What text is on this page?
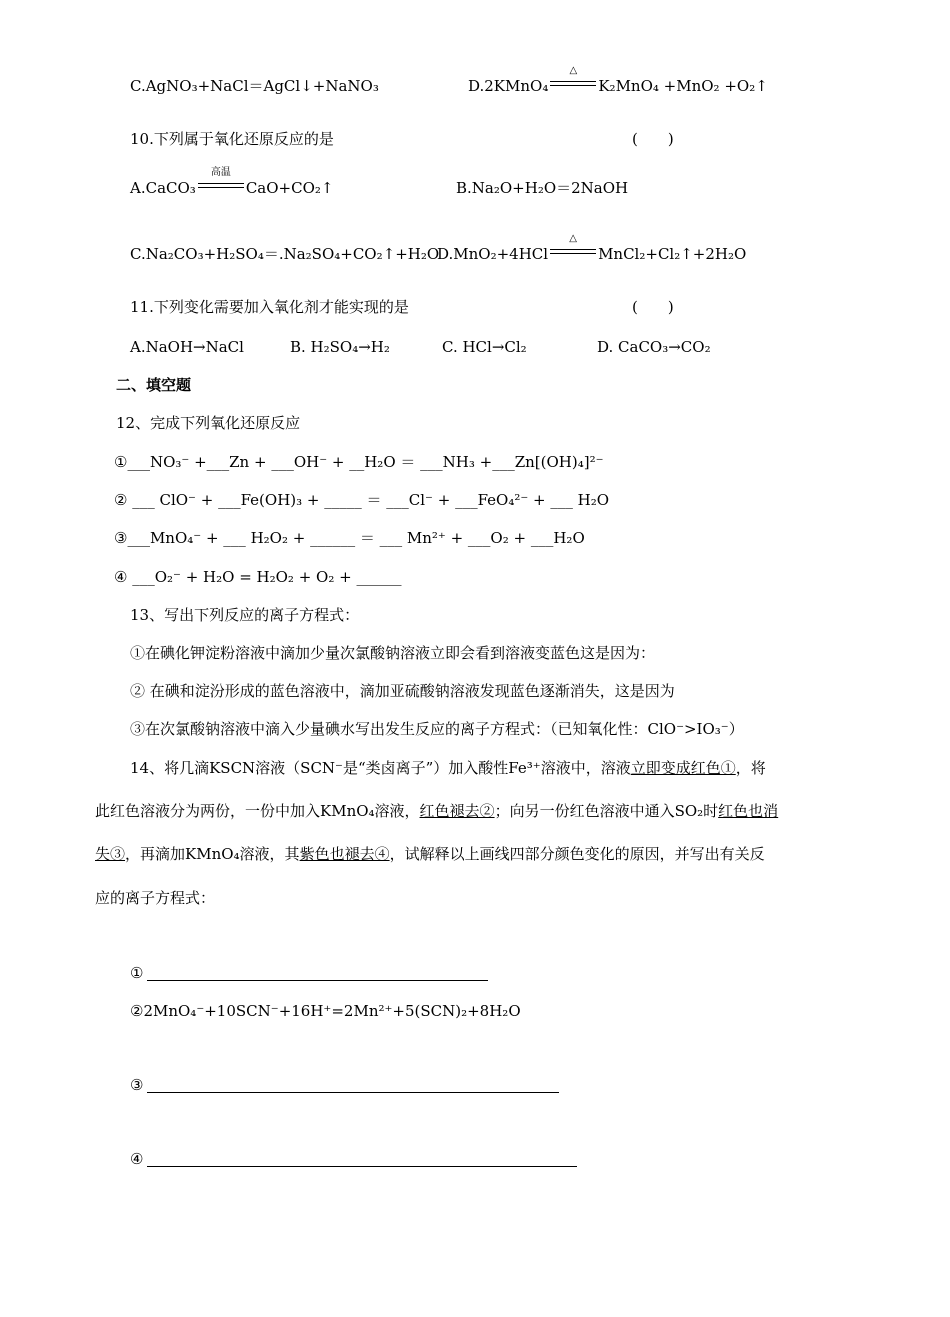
C.AgNO₃+NaCl＝AgCl↓+NaNO₃	D.2KMnO₄
△
K₂MnO₄ +MnO₂ +O₂↑
10.下列属于氧化还原反应的是	(　　)
A.CaCO₃
高温
CaO+CO₂↑	B.Na₂O+H₂O＝2NaOH
C.Na₂CO₃+H₂SO₄＝.Na₂SO₄+CO₂↑+H₂O
D.MnO₂+4HCl
△
MnCl₂+Cl₂↑+2H₂O
11.下列变化需要加入氧化剂才能实现的是	(　　)
A.NaOH→NaCl	B. H₂SO₄→H₂	C. HCl→Cl₂	D. CaCO₃→CO₂
二、填空题
12、完成下列氧化还原反应
①___NO₃⁻ +___Zn + ___OH⁻ + __H₂O ＝ ___NH₃ +___Zn[(OH)₄]²⁻
② ___ ClO⁻ + ___Fe(OH)₃ + _____ ＝ ___Cl⁻ + ___FeO₄²⁻ + ___ H₂O
③___MnO₄⁻ + ___ H₂O₂ + ______ ＝ ___ Mn²⁺ + ___O₂ + ___H₂O
④ ___O₂⁻ + H₂O = H₂O₂ + O₂ + ______
13、写出下列反应的离子方程式：
①在碘化钾淀粉溶液中滴加少量次氯酸钠溶液立即会看到溶液变蓝色这是因为：
② 在碘和淀汾形成的蓝色溶液中，滴加亚硫酸钠溶液发现蓝色逐渐消失，这是因为
③在次氯酸钠溶液中滴入少量碘水写出发生反应的离子方程式：（已知氧化性：ClO⁻>IO₃⁻）
14、将几滴KSCN溶液（SCN⁻是“类卤离子”）加入酸性Fe³⁺溶液中，溶液立即变成红色①，将
此红色溶液分为两份，一份中加入KMnO₄溶液，红色褪去②；向另一份红色溶液中通入SO₂时红色也消
失③，再滴加KMnO₄溶液，其紫色也褪去④，试解释以上画线四部分颜色变化的原因，并写出有关反
应的离子方程式：
①
②2MnO₄⁻+10SCN⁻+16H⁺=2Mn²⁺+5(SCN)₂+8H₂O
③
④
